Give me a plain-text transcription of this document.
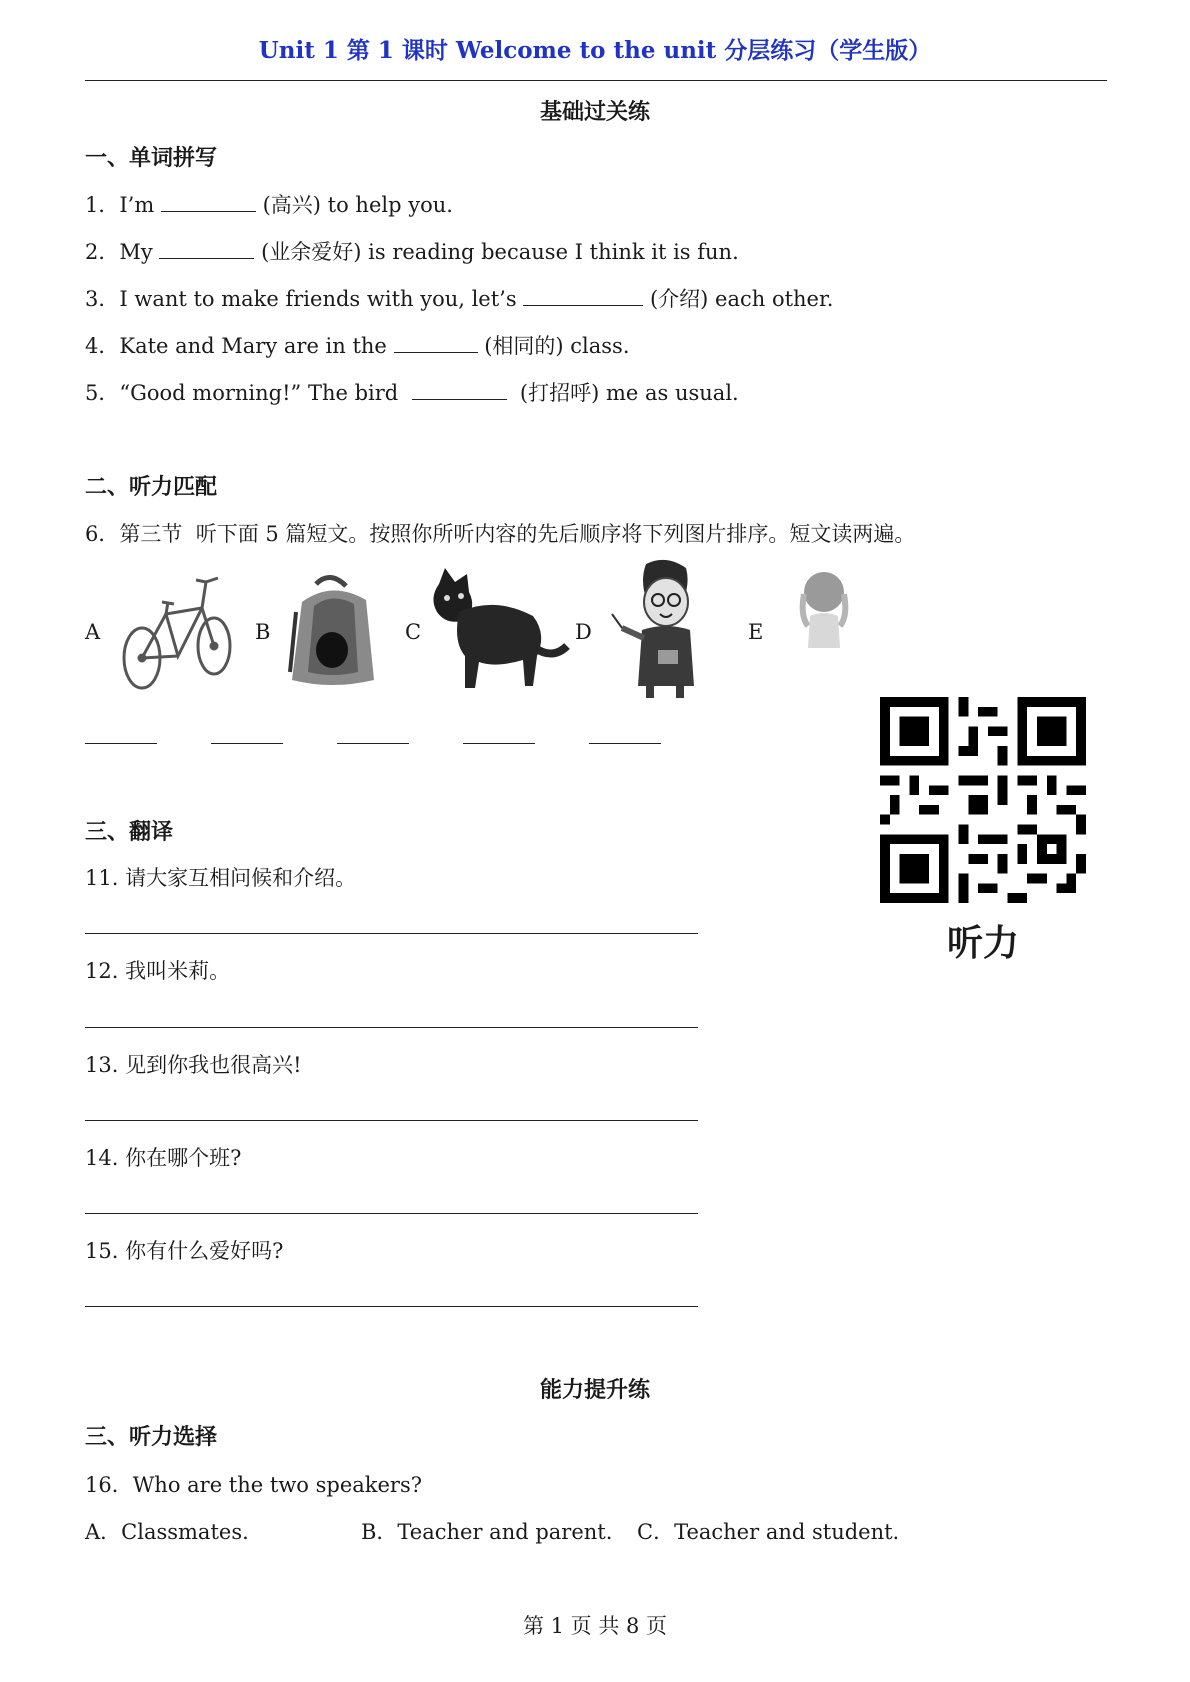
Unit 1 第 1 课时 Welcome to the unit 分层练习（学生版）
基础过关练
一、单词拼写
1．I’m	(高兴) to help you.
2．My	(业余爱好) is reading because I think it is fun.
3．I want to make friends with you, let’s	(介绍) each other.
4．Kate and Mary are in the	(相同的) class.
5．“Good morning!” The bird	(打招呼) me as usual.
二、听力匹配
6．第三节  听下面 5 篇短文。按照你所听内容的先后顺序将下列图片排序。短文读两遍。
A	B	C	D	E
听力
三、翻译
11. 请大家互相问候和介绍。
12. 我叫米莉。
13. 见到你我也很高兴!
14. 你在哪个班?
15. 你有什么爱好吗?
能力提升练
三、听力选择
16．Who are the two speakers?
A．Classmates.	B．Teacher and parent. C．Teacher and student.
第 1 页 共 8 页
